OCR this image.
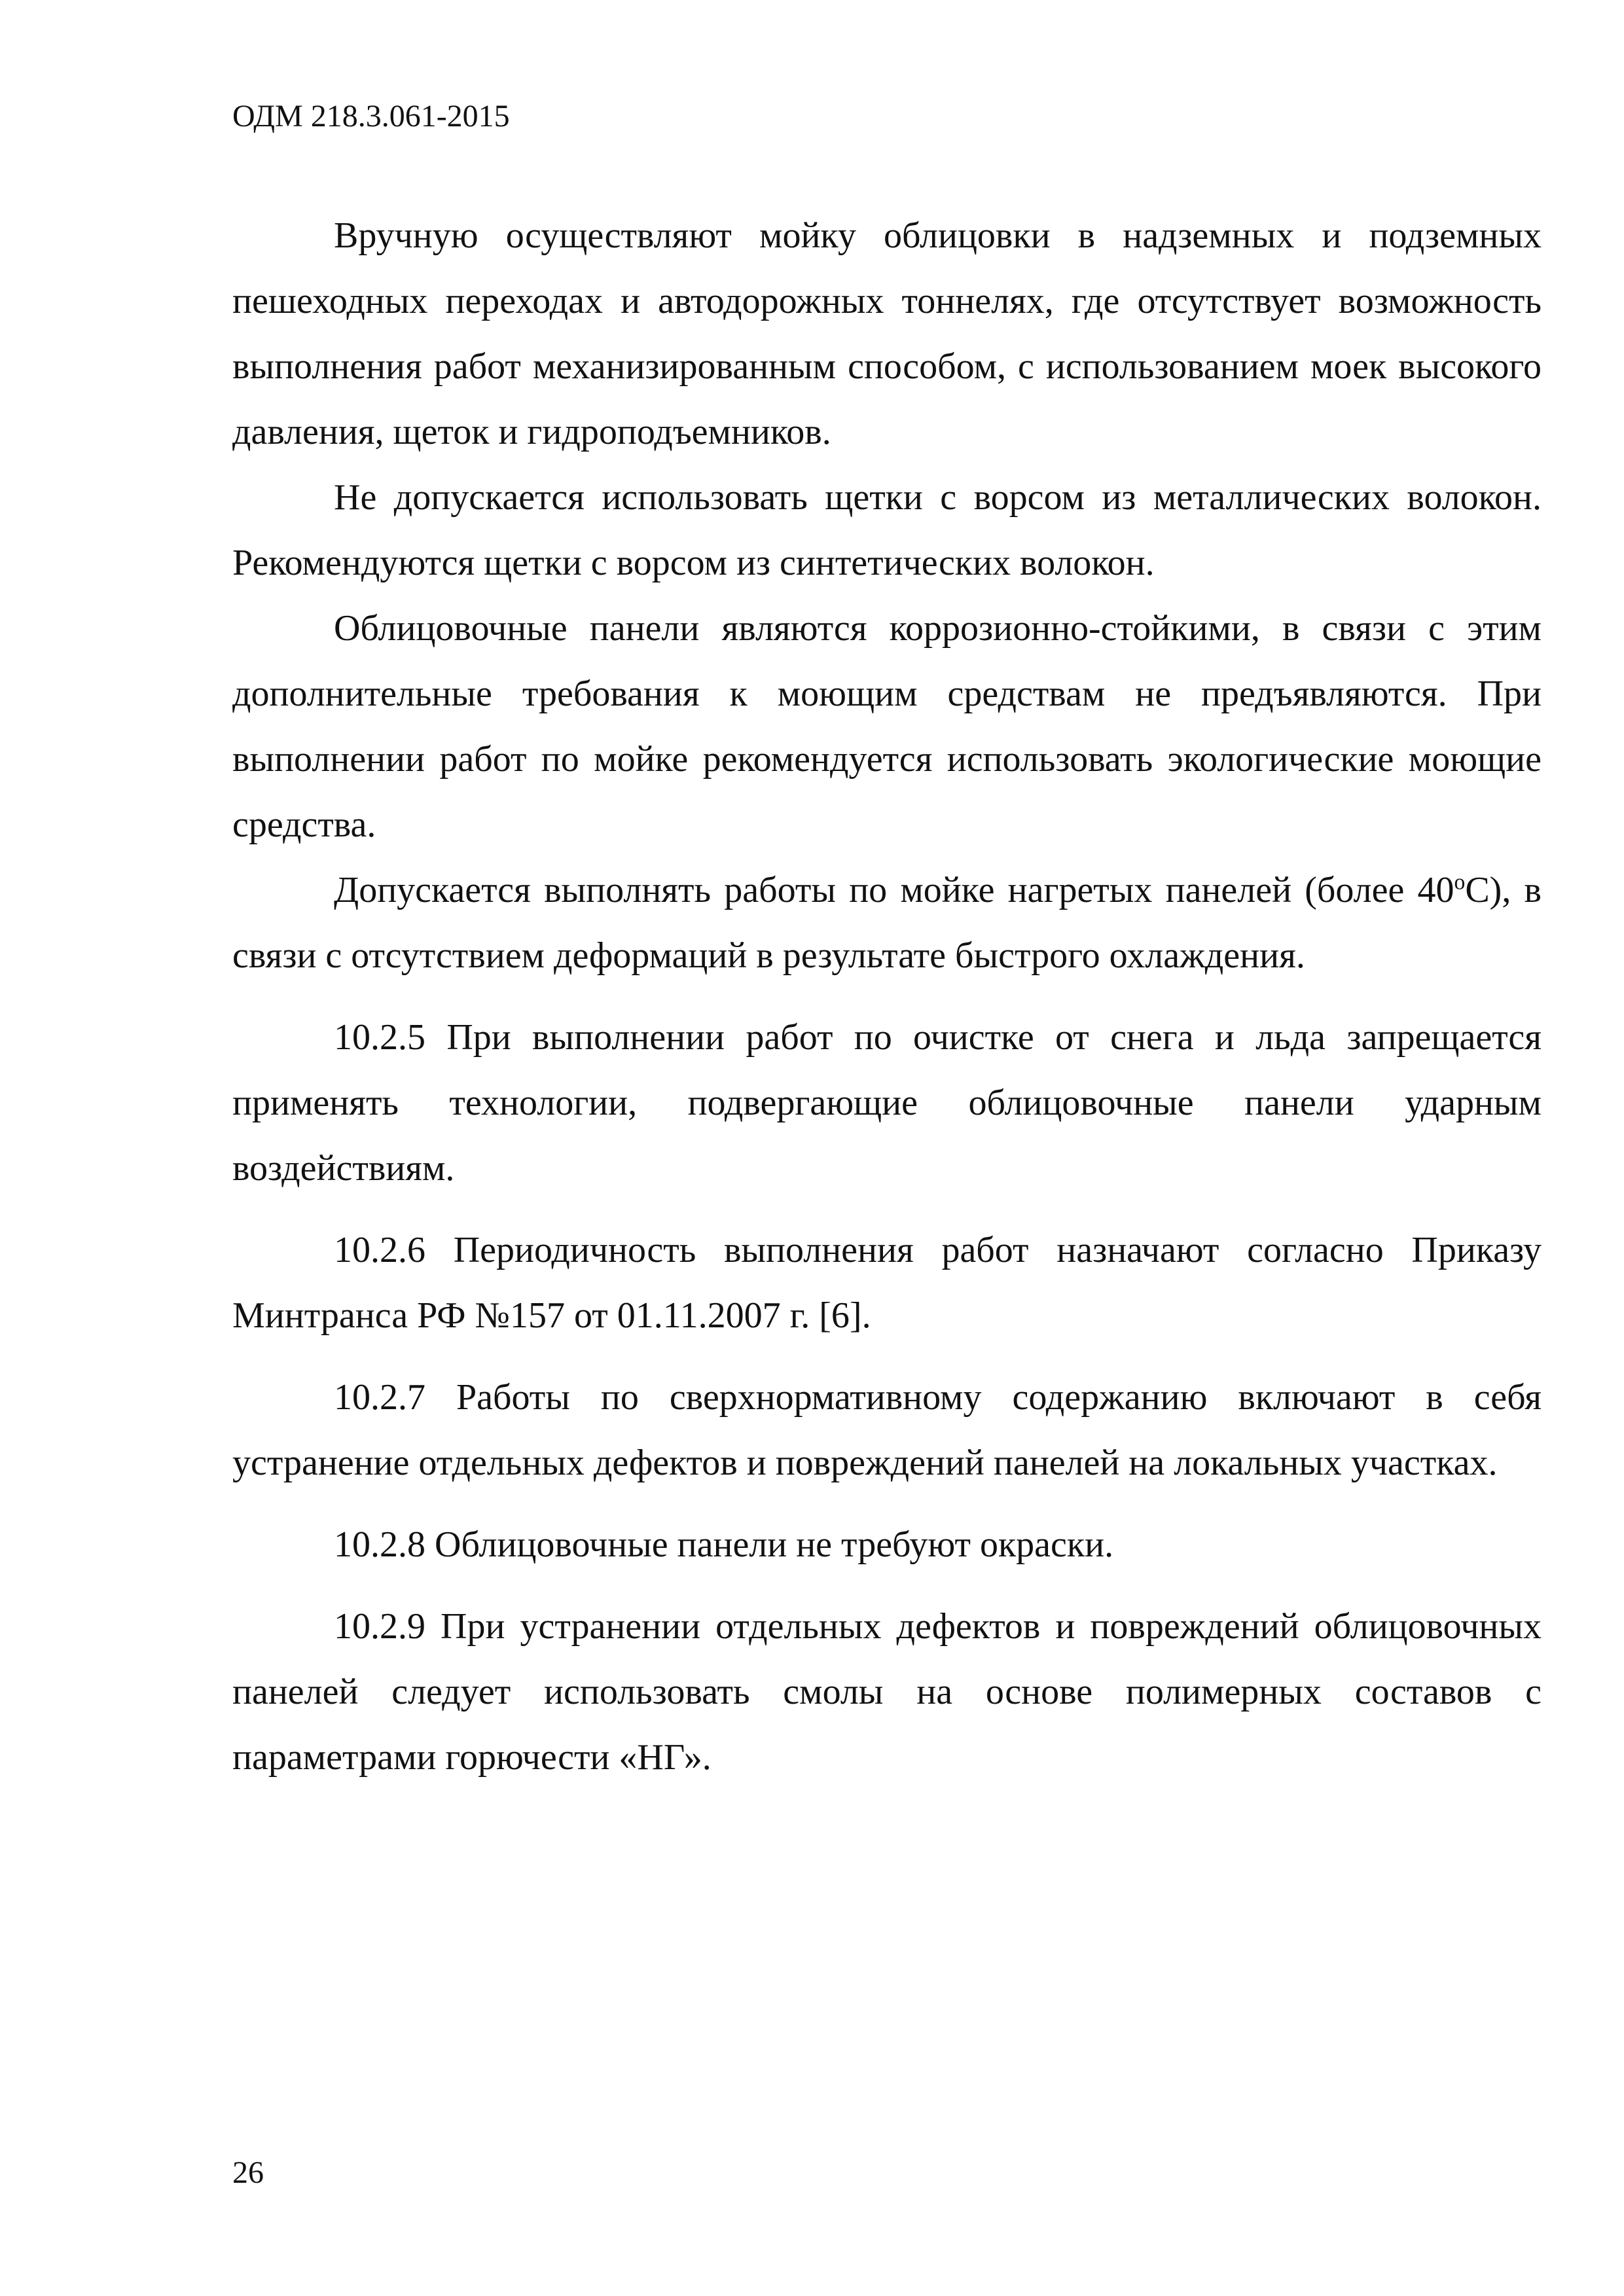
ОДМ 218.3.061-2015

Вручную осуществляют мойку облицовки в надземных и подземных пешеходных переходах и автодорожных тоннелях, где отсутствует возможность выполнения работ механизированным способом, с использованием моек высокого давления, щеток и гидроподъемников.

Не допускается использовать щетки с ворсом из металлических волокон. Рекомендуются щетки с ворсом из синтетических волокон.

Облицовочные панели являются коррозионно-стойкими, в связи с этим дополнительные требования к моющим средствам не предъявляются. При выполнении работ по мойке рекомендуется использовать экологические моющие средства.

Допускается выполнять работы по мойке нагретых панелей (более $40^оС$), в связи с отсутствием деформаций в результате быстрого охлаждения.

10.2.5 При выполнении работ по очистке от снега и льда запрещается применять технологии, подвергающие облицовочные панели ударным воздействиям.

10.2.6 Периодичность выполнения работ назначают согласно Приказу Минтранса РФ №157 от 01.11.2007 г. [6].

10.2.7 Работы по сверхнормативному содержанию включают в себя устранение отдельных дефектов и повреждений панелей на локальных участках.

10.2.8 Облицовочные панели не требуют окраски.

10.2.9 При устранении отдельных дефектов и повреждений облицовочных панелей следует использовать смолы на основе полимерных составов с параметрами горючести «НГ».

26
